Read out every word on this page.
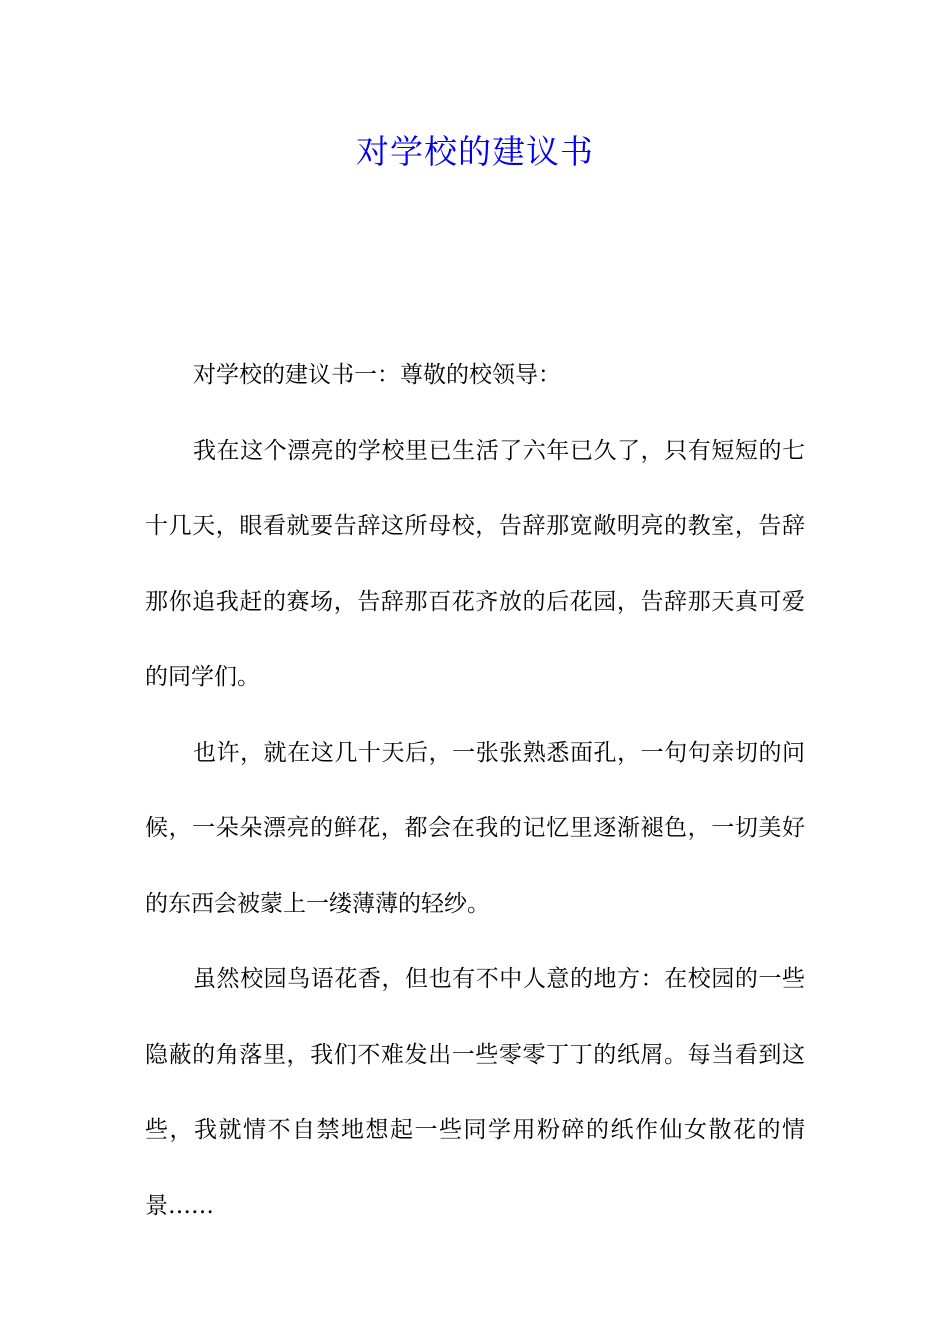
对学校的建议书

对学校的建议书一：尊敬的校领导：

我在这个漂亮的学校里已生活了六年已久了，只有短短的七十几天，眼看就要告辞这所母校，告辞那宽敞明亮的教室，告辞那你追我赶的赛场，告辞那百花齐放的后花园，告辞那天真可爱的同学们。

也许，就在这几十天后，一张张熟悉面孔，一句句亲切的问候，一朵朵漂亮的鲜花，都会在我的记忆里逐渐褪色，一切美好的东西会被蒙上一缕薄薄的轻纱。

虽然校园鸟语花香，但也有不中人意的地方：在校园的一些隐蔽的角落里，我们不难发出一些零零丁丁的纸屑。每当看到这些，我就情不自禁地想起一些同学用粉碎的纸作仙女散花的情景……
